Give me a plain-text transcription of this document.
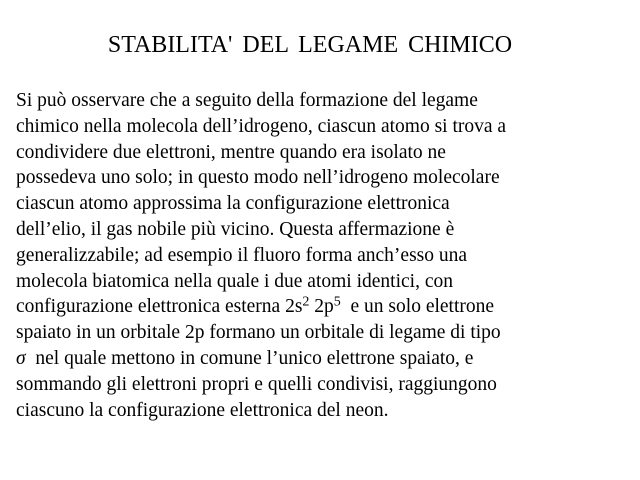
STABILITA' DEL LEGAME CHIMICO
Si può osservare che a seguito della formazione del legame
chimico nella molecola dell’idrogeno, ciascun atomo si trova a
condividere due elettroni, mentre quando era isolato ne
possedeva uno solo; in questo modo nell’idrogeno molecolare
ciascun atomo approssima la configurazione elettronica
dell’elio, il gas nobile più vicino. Questa affermazione è
generalizzabile; ad esempio il fluoro forma anch’esso una
molecola biatomica nella quale i due atomi identici, con
configurazione elettronica esterna $2s^2$ $2p^5$  e un solo elettrone
spaiato in un orbitale 2p formano un orbitale di legame di tipo
σ  nel quale mettono in comune l’unico elettrone spaiato, e
sommando gli elettroni propri e quelli condivisi, raggiungono
ciascuno la configurazione elettronica del neon.
